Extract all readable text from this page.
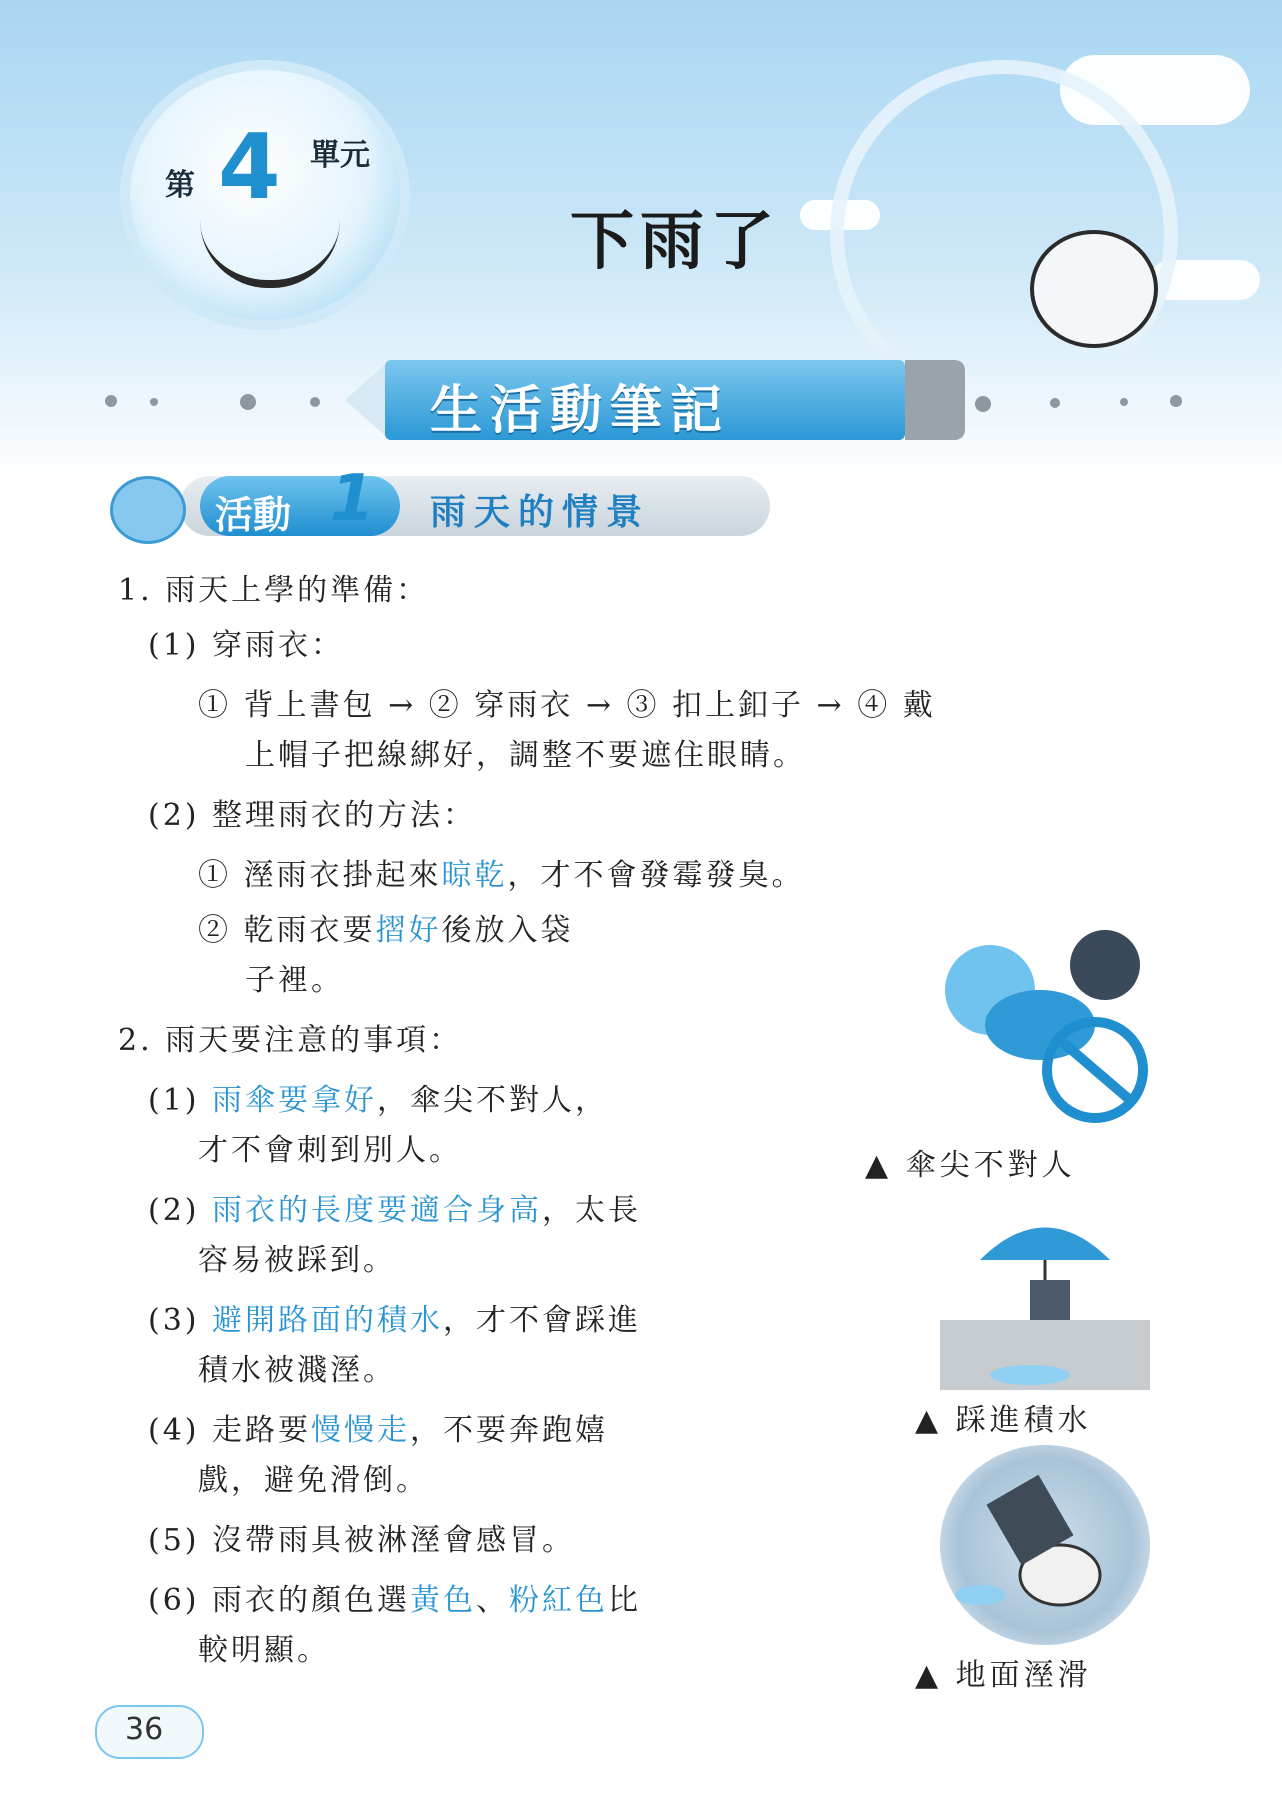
第 4 單元
下雨了
生活動筆記
活動 1 雨天的情景
1. 雨天上學的準備：
(1) 穿雨衣：
① 背上書包 → ② 穿雨衣 → ③ 扣上釦子 → ④ 戴
上帽子把線綁好，調整不要遮住眼睛。
(2) 整理雨衣的方法：
① 溼雨衣掛起來晾乾，才不會發霉發臭。
② 乾雨衣要摺好後放入袋
子裡。
2. 雨天要注意的事項：
(1) 雨傘要拿好，傘尖不對人，
才不會刺到別人。
(2) 雨衣的長度要適合身高，太長
容易被踩到。
(3) 避開路面的積水，才不會踩進
積水被濺溼。
(4) 走路要慢慢走，不要奔跑嬉
戲，避免滑倒。
(5) 沒帶雨具被淋溼會感冒。
(6) 雨衣的顏色選黃色、粉紅色比
較明顯。
▲ 傘尖不對人
▲ 踩進積水
▲ 地面溼滑
36
